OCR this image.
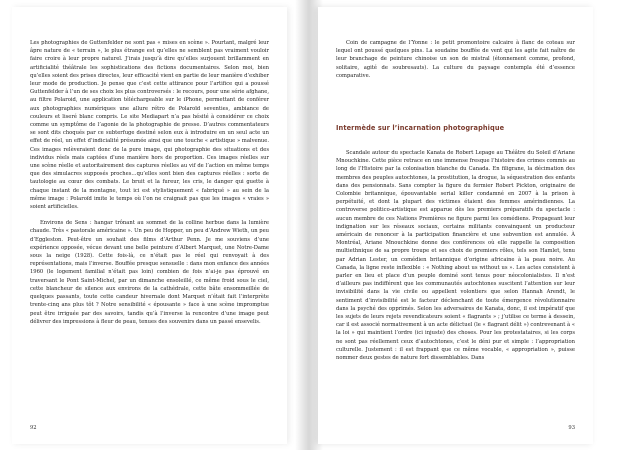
Les photographies de Guttenfelder ne sont pas « mises en scène ». Pourtant, malgré leur âpre nature de « terrain », le plus étrange est qu’elles ne semblent pas vraiment vouloir faire croire à leur propre naturel. J’irais jusqu’à dire qu’elles surjouent brillamment en artificialité théâtrale les sophistications des fictions documentaires. Selon moi, bien qu’elles soient des prises directes, leur efficacité vient en partie de leur manière d’exhiber leur mode de production. Je pense que c’est cette attirance pour l’artifice qui a poussé Guttenfelder à l’un de ses choix les plus controversés : le recours, pour une série afghane, au filtre Polaroid, une application téléchargeable sur le iPhone, permettant de conférer aux photographies numériques une allure rétro de Polaroïd seventies, ambiance de couleurs et liseré blanc compris. Le site Mediapart n’a pas hésité à considérer ce choix comme un symptôme de l’agonie de la photographie de presse. D’autres commentateurs se sont dits choqués par ce subterfuge destiné selon eux à introduire en un seul acte un effet de réel, un effet d’indicialité présumée ainsi que une touche « artistique » malvenue. Ces images relèveraient donc de la pure image, qui photographie des situations et des individus réels mais captées d’une manière hors de proportion. Ces images réelles sur une scène réelle et autoritairement des captures réelles au vif de l’action en même temps que des simulacres supposés proches…qu’elles sont bien des captures réelles : sorte de tautologie au cœur des combats. Le bruit et la fureur, les cris, le danger qui guette à chaque instant de la montagne, tout ici est stylistiquement « fabriqué » au sein de la même image : Polaroïd imite le temps où l’on ne craignait pas que les images « vraies » soient artificielles.

Environs de Sens : hangar trônant au sommet de la colline herbue dans la lumière chaude. Très « pastorale américaine ». Un peu de Hopper, un peu d’Andrew Wieth, un peu d’Eggleston. Peut-être un souhait des films d’Arthur Penn. Je me souviens d’une expérience opposée, vécue devant une belle peinture d’Albert Marquet, une Notre-Dame sous la neige (1928). Cette fois-là, ce n’était pas le réel qui renvoyait à des représentations, mais l’inverse. Bouffée presque sensuelle : dans mon enfance des années 1960 (le logement familial n’était pas loin) combien de fois n’ai-je pas éprouvé en traversant le Pont Saint-Michel, par un dimanche ensoleillé, ce même froid sous le ciel, cette blancheur de silence aux environs de la cathédrale, cette bâte ensommeillée de quelques passants, toute cette candeur hivernale dont Marquet n’était fait l’interprète trente-cinq ans plus tôt ? Notre sensibilité « épousante » face à une scène impromptue peut être irriguée par des savoirs, tandis qu’à l’inverse la rencontre d’une image peut délivrer des impressions à fleur de peau, tenues des souvenirs dans un passé ensevelis.

92

Coin de campagne de l’Yonne : le petit promontoire calcaire à flanc de coteau sur lequel ont poussé quelques pins. La soudaine bouffée de vent qui les agite fait naître de leur branchage de peinture chinoise un son de mistral (étonnement comme, profond, solitaire, agité de soubresauts). La culture du paysage contempla été d’essence comparative.

Intermède sur l’incarnation photographique

Scandale autour du spectacle Kanata de Robert Lepage au Théâtre du Soleil d’Ariane Mnouchkine. Cette pièce retrace en une immense fresque l’histoire des crimes commis au long de l’Histoire par la colonisation blanche du Canada. En filigrane, la décimation des membres des peuples autochtones, la prostitution, la drogue, la séquestration des enfants dans des pensionnats. Sans compter la figure du fermier Robert Pickton, originaire de Colombie britannique, épouvantable serial killer condamné en 2007 à la prison à perpétuité, et dont la plupart des victimes étaient des femmes amérindiennes. La controverse politico-artistique est apparue dès les premiers préparatifs du spectacle : aucun membre de ces Nations Premières ne figure parmi les comédiens. Propageant leur indignation sur les réseaux sociaux, certains militants convainquent un producteur américain de renoncer à la participation financière et une subvention est annulée. À Montréal, Ariane Mnouchkine donne des conférences où elle rappelle la composition multiethnique de sa propre troupe et ses choix de premiers rôles, tels son Hamlet, tenu par Adrian Lester, un comédien britannique d’origine africaine à la peau noire. Au Canada, la ligne reste inflexible : « Nothing about us without us ». Les actes consistent à parler en lieu et place d’un peuple dominé sont tenus pour néocolonialistes. Il n’est d’ailleurs pas indifférent que les communautés autochtones suscitent l’attention sur leur invisibilité dans la vie civile ou appellent volontiers que selon Hannah Arendt, le sentiment d’invisibilité est le facteur déclenchant de toute émergence révolutionnaire dans la psyché des opprimés. Selon les adversaires de Kanata, donc, il est impératif que les sujets de leurs rejets revendicateurs soient « flagrants » ; j’utilise ce terme à dessein, car il est associé normativement à un acte délictuel (le « flagrant délit ») contrevenant à « la loi » qui maintient l’ordre (ici injuste) des choses. Pour les protestataires, si les corps ne sont pas réellement ceux d’autochtones, c’est le déni pur et simple : l’appropriation culturelle. Justement : il est frappant que ce même vocable, « appropriation », puisse nommer deux gestes de nature fort dissemblables. Dans

93
